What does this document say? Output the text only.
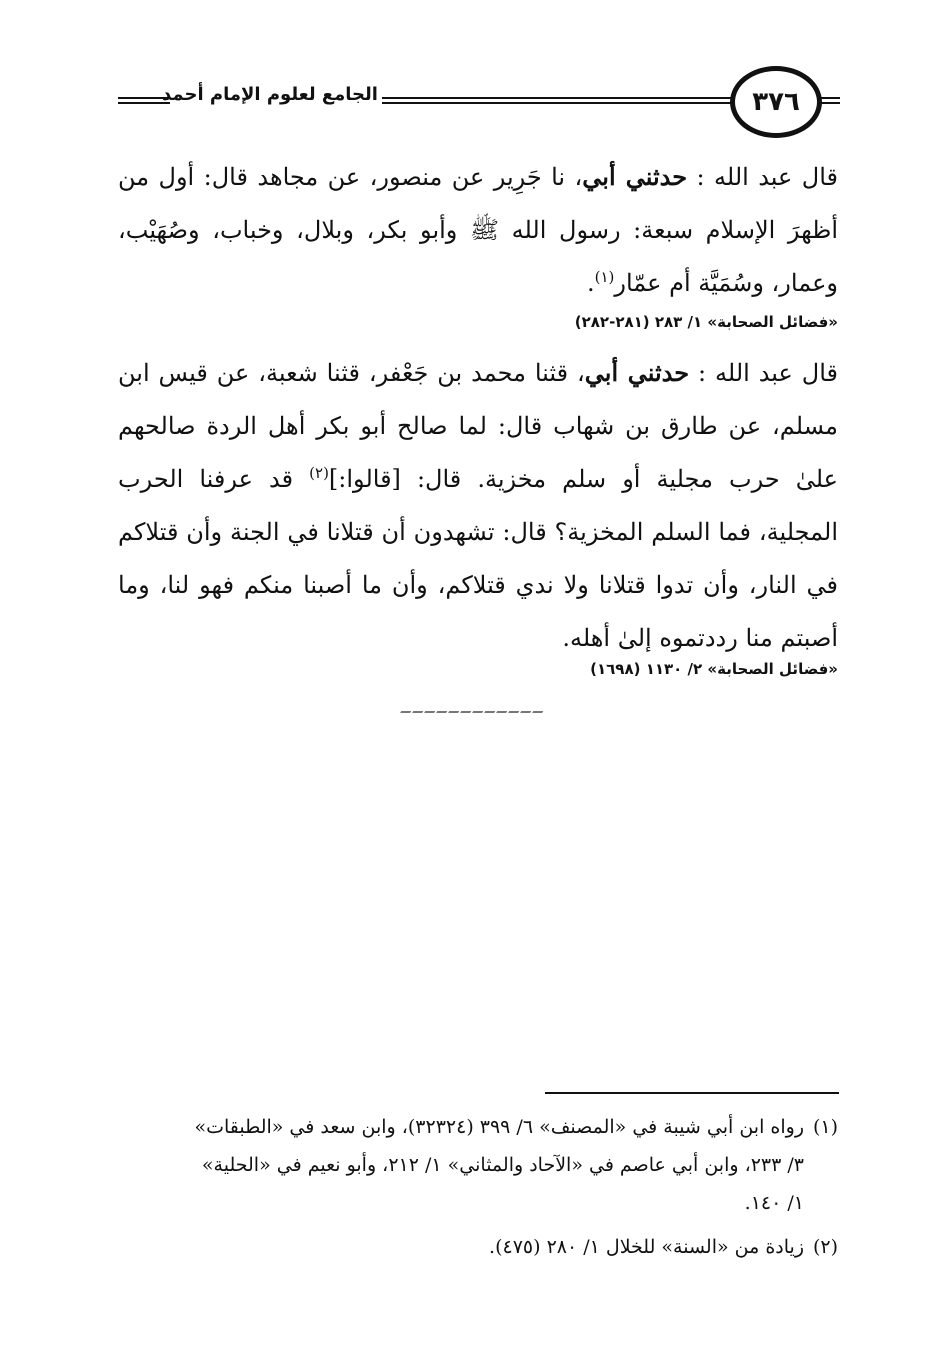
الجامع لعلوم الإمام أحمد	٣٧٦
قال عبد الله : حدثني أبي، نا جَرِير عن منصور، عن مجاهد قال: أول من أظهرَ الإسلام سبعة: رسول الله ﷺ وأبو بكر، وبلال، وخباب، وصُهَيْب، وعمار، وسُمَيَّة أم عمّار$^{(١)}$.
«فضائل الصحابة» ١/ ٢٨٣ (٢٨١-٢٨٢)
قال عبد الله : حدثني أبي، قثنا محمد بن جَعْفر، قثنا شعبة، عن قيس ابن مسلم، عن طارق بن شهاب قال: لما صالح أبو بكر أهل الردة صالحهم علىٰ حرب مجلية أو سلم مخزية. قال: [قالوا:]$^{(٢)}$ قد عرفنا الحرب المجلية، فما السلم المخزية؟ قال: تشهدون أن قتلانا في الجنة وأن قتلاكم في النار، وأن تدوا قتلانا ولا ندي قتلاكم، وأن ما أصبنا منكم فهو لنا، وما أصبتم منا رددتموه إلىٰ أهله.
«فضائل الصحابة» ٢/ ١١٣٠ (١٦٩٨)
(١)رواه ابن أبي شيبة في «المصنف» ٦/ ٣٩٩ (٣٢٣٢٤)، وابن سعد في «الطبقات»
٣/ ٢٣٣، وابن أبي عاصم في «الآحاد والمثاني» ١/ ٢١٢، وأبو نعيم في «الحلية»
١/ ١٤٠.
(٢)زيادة من «السنة» للخلال ١/ ٢٨٠ (٤٧٥).
